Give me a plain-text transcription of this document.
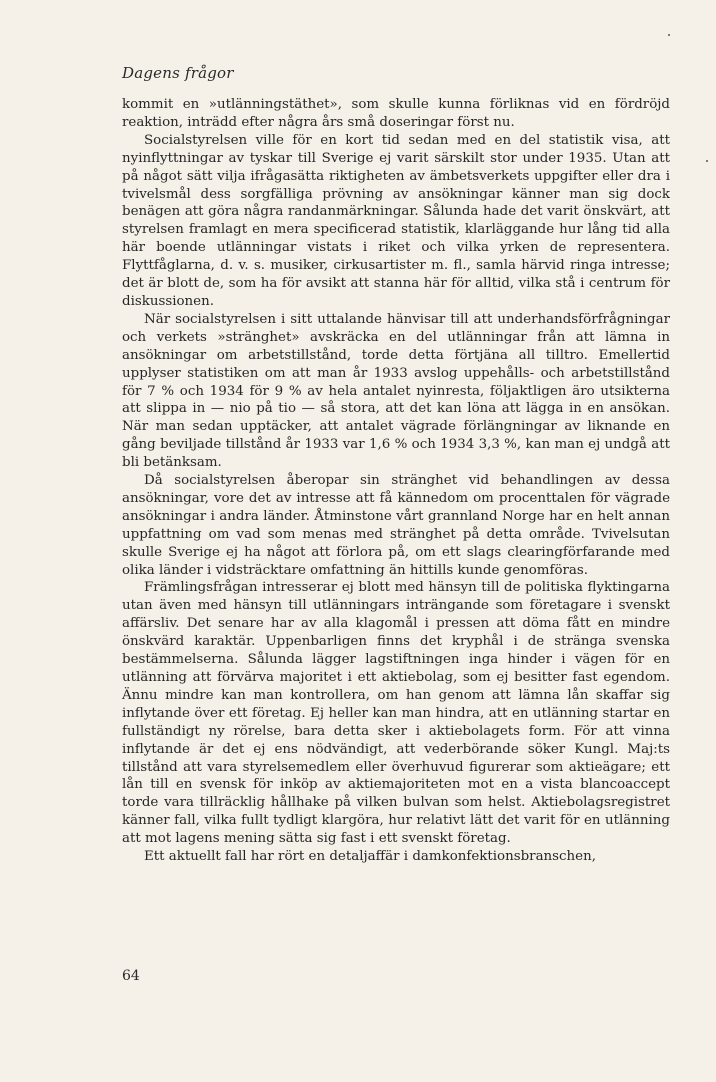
Dagens frågor

kommit en »utlänningstäthet», som skulle kunna förliknas vid en fördröjd reaktion, inträdd efter några års små doseringar först nu.

Socialstyrelsen ville för en kort tid sedan med en del statistik visa, att nyinflyttningar av tyskar till Sverige ej varit särskilt stor under 1935. Utan att på något sätt vilja ifrågasätta riktigheten av ämbetsverkets uppgifter eller dra i tvivelsmål dess sorgfälliga prövning av ansökningar känner man sig dock benägen att göra några randanmärkningar. Sålunda hade det varit önskvärt, att styrelsen framlagt en mera specificerad statistik, klarläggande hur lång tid alla här boende utlänningar vistats i riket och vilka yrken de representera. Flyttfåglarna, d. v. s. musiker, cirkusartister m. fl., samla härvid ringa intresse; det är blott de, som ha för avsikt att stanna här för alltid, vilka stå i centrum för diskussionen.

När socialstyrelsen i sitt uttalande hänvisar till att underhandsförfrågningar och verkets »stränghet» avskräcka en del utlänningar från att lämna in ansökningar om arbetstillstånd, torde detta förtjäna all tilltro. Emellertid upplyser statistiken om att man år 1933 avslog uppehålls- och arbetstillstånd för 7 % och 1934 för 9 % av hela antalet nyinresta, följaktligen äro utsikterna att slippa in — nio på tio — så stora, att det kan löna att lägga in en ansökan. När man sedan upptäcker, att antalet vägrade förlängningar av liknande en gång beviljade tillstånd år 1933 var 1,6 % och 1934 3,3 %, kan man ej undgå att bli betänksam.

Då socialstyrelsen åberopar sin stränghet vid behandlingen av dessa ansökningar, vore det av intresse att få kännedom om procenttalen för vägrade ansökningar i andra länder. Åtminstone vårt grannland Norge har en helt annan uppfattning om vad som menas med stränghet på detta område. Tvivelsutan skulle Sverige ej ha något att förlora på, om ett slags clearingförfarande med olika länder i vidsträcktare omfattning än hittills kunde genomföras.

Främlingsfrågan intresserar ej blott med hänsyn till de politiska flyktingarna utan även med hänsyn till utlänningars inträngande som företagare i svenskt affärsliv. Det senare har av alla klagomål i pressen att döma fått en mindre önskvärd karaktär. Uppenbarligen finns det kryphål i de stränga svenska bestämmelserna. Sålunda lägger lagstiftningen inga hinder i vägen för en utlänning att förvärva majoritet i ett aktiebolag, som ej besitter fast egendom. Ännu mindre kan man kontrollera, om han genom att lämna lån skaffar sig inflytande över ett företag. Ej heller kan man hindra, att en utlänning startar en fullständigt ny rörelse, bara detta sker i aktiebolagets form. För att vinna inflytande är det ej ens nödvändigt, att vederbörande söker Kungl. Maj:ts tillstånd att vara styrelsemedlem eller överhuvud figurerar som aktieägare; ett lån till en svensk för inköp av aktiemajoriteten mot en a vista blancoaccept torde vara tillräcklig hållhake på vilken bulvan som helst. Aktiebolagsregistret känner fall, vilka fullt tydligt klargöra, hur relativt lätt det varit för en utlänning att mot lagens mening sätta sig fast i ett svenskt företag.

Ett aktuellt fall har rört en detaljaffär i damkonfektionsbranschen,

64
